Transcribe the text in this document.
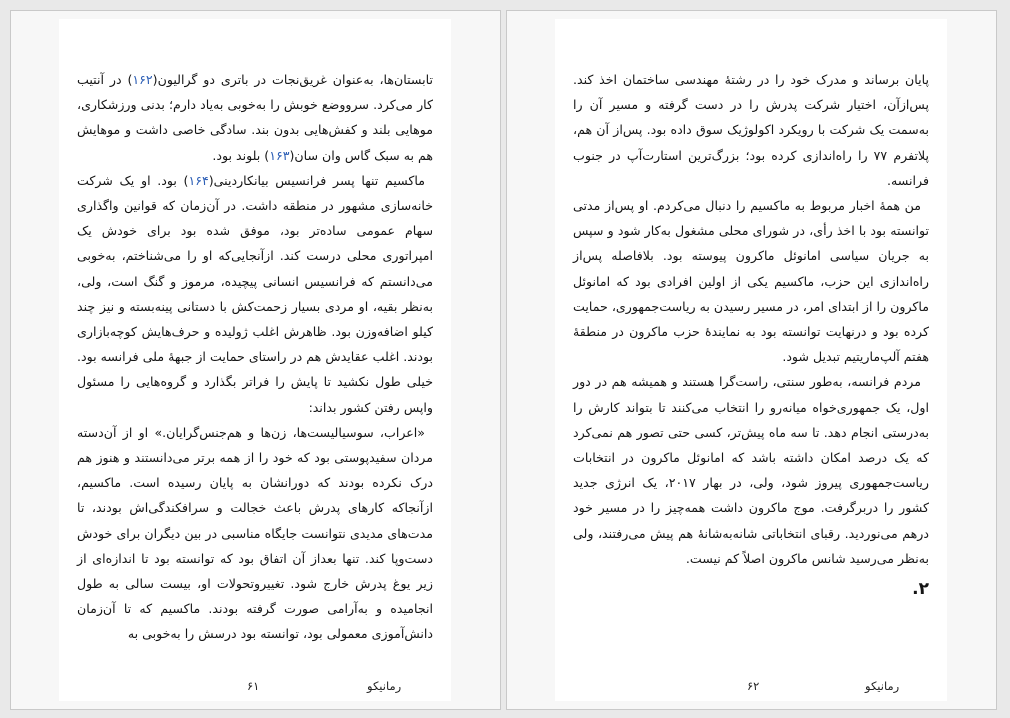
تابستان‌ها، به‌عنوان غریق‌نجات در باتری دو گرالیون(۱۶۲) در آنتیب کار می‌کرد. سرووضع خوبش را به‌خوبی به‌یاد دارم؛ بدنی ورزشکاری، موهایی بلند و کفش‌هایی بدون بند. سادگی خاصی داشت و موهایش هم به سبک گاس وان سان(۱۶۳) بلوند بود.

ماکسیم تنها پسر فرانسیس بیانکاردینی(۱۶۴) بود. او یک شرکت خانه‌سازی مشهور در منطقه داشت. در آن‌زمان که قوانین واگذاری سهام عمومی ساده‌تر بود، موفق شده بود برای خودش یک امپراتوری محلی درست کند. ازآنجایی‌که او را می‌شناختم، به‌خوبی می‌دانستم که فرانسیس انسانی پیچیده، مرموز و گنگ است، ولی، به‌نظر بقیه، او مردی بسیار زحمت‌کش با دستانی پینه‌بسته و نیز چند کیلو اضافه‌وزن بود. ظاهرش اغلب ژولیده و حرف‌هایش کوچه‌بازاری بودند. اغلب عقایدش هم در راستای حمایت از جبههٔ ملی فرانسه بود. خیلی طول نکشید تا پایش را فراتر بگذارد و گروه‌هایی را مسئول واپس رفتن کشور بداند:

«اعراب، سوسیالیست‌ها، زن‌ها و هم‌جنس‌گرایان.» او از آن‌دسته مردان سفیدپوستی بود که خود را از همه برتر می‌دانستند و هنوز هم درک نکرده بودند که دورانشان به پایان رسیده است. ماکسیم، ازآنجاکه کارهای پدرش باعث خجالت و سرافکندگی‌اش بودند، تا مدت‌های مدیدی نتوانست جایگاه مناسبی در بین دیگران برای خودش دست‌وپا کند. تنها بعداز آن اتفاق بود که توانسته بود تا اندازه‌ای از زیر یوغ پدرش خارج شود. تغییروتحولات او، بیست سالی به طول انجامیده و به‌آرامی صورت گرفته بودند. ماکسیم که تا آن‌زمان دانش‌آموزی معمولی بود، توانسته بود درسش را به‌خوبی به

۶۱	رمانیکو

پایان برساند و مدرک خود را در رشتهٔ مهندسی ساختمان اخذ کند. پس‌ازآن، اختیار شرکت پدرش را در دست گرفته و مسیر آن را به‌سمت یک شرکت با رویکرد اکولوژیک سوق داده بود. پس‌از آن هم، پلاتفرم ۷۷ را راه‌اندازی کرده بود؛ بزرگ‌ترین استارت‌آپ در جنوب فرانسه.

من همهٔ اخبار مربوط به ماکسیم را دنبال می‌کردم. او پس‌از مدتی توانسته بود با اخذ رأی، در شورای محلی مشغول به‌کار شود و سپس به جریان سیاسی امانوئل ماکرون پیوسته بود. بلافاصله پس‌از راه‌اندازی این حزب، ماکسیم یکی از اولین افرادی بود که امانوئل ماکرون را از ابتدای امر، در مسیر رسیدن به ریاست‌جمهوری، حمایت کرده بود و درنهایت توانسته بود به نمایندهٔ حزب ماکرون در منطقهٔ هفتم آلپ‌ماریتیم تبدیل شود.

مردم فرانسه، به‌طور سنتی، راست‌گرا هستند و همیشه هم در دور اول، یک جمهوری‌خواه میانه‌رو را انتخاب می‌کنند تا بتواند کارش را به‌درستی انجام دهد. تا سه ماه پیش‌تر، کسی حتی تصور هم نمی‌کرد که یک درصد امکان داشته باشد که امانوئل ماکرون در انتخابات ریاست‌جمهوری پیروز شود، ولی، در بهار ۲۰۱۷، یک انرژی جدید کشور را دربرگرفت. موج ماکرون داشت همه‌چیز را در مسیر خود درهم می‌نوردید. رقبای انتخاباتی شانه‌به‌شانهٔ هم پیش می‌رفتند، ولی به‌نظر می‌رسید شانس ماکرون اصلاً کم نیست.

۲.
۶۲	رمانیکو
